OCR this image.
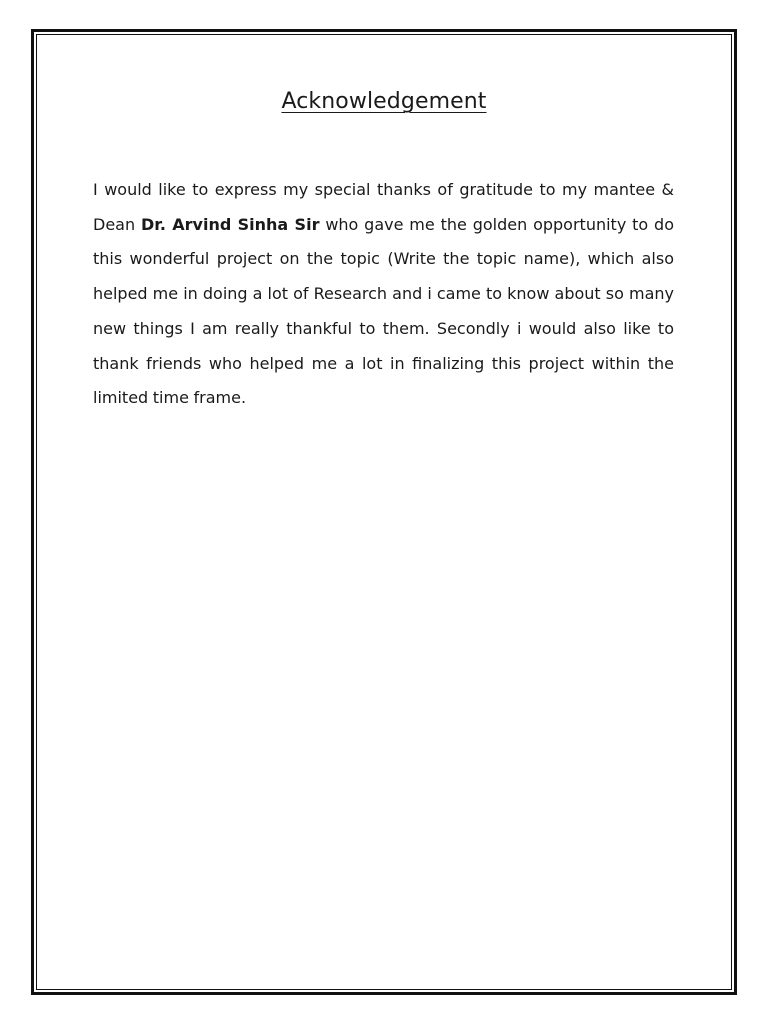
Acknowledgement

I would like to express my special thanks of gratitude to my mantee & Dean Dr. Arvind Sinha Sir who gave me the golden opportunity to do this wonderful project on the topic (Write the topic name), which also helped me in doing a lot of Research and i came to know about so many new things I am really thankful to them. Secondly i would also like to thank friends who helped me a lot in finalizing this project within the limited time frame.
